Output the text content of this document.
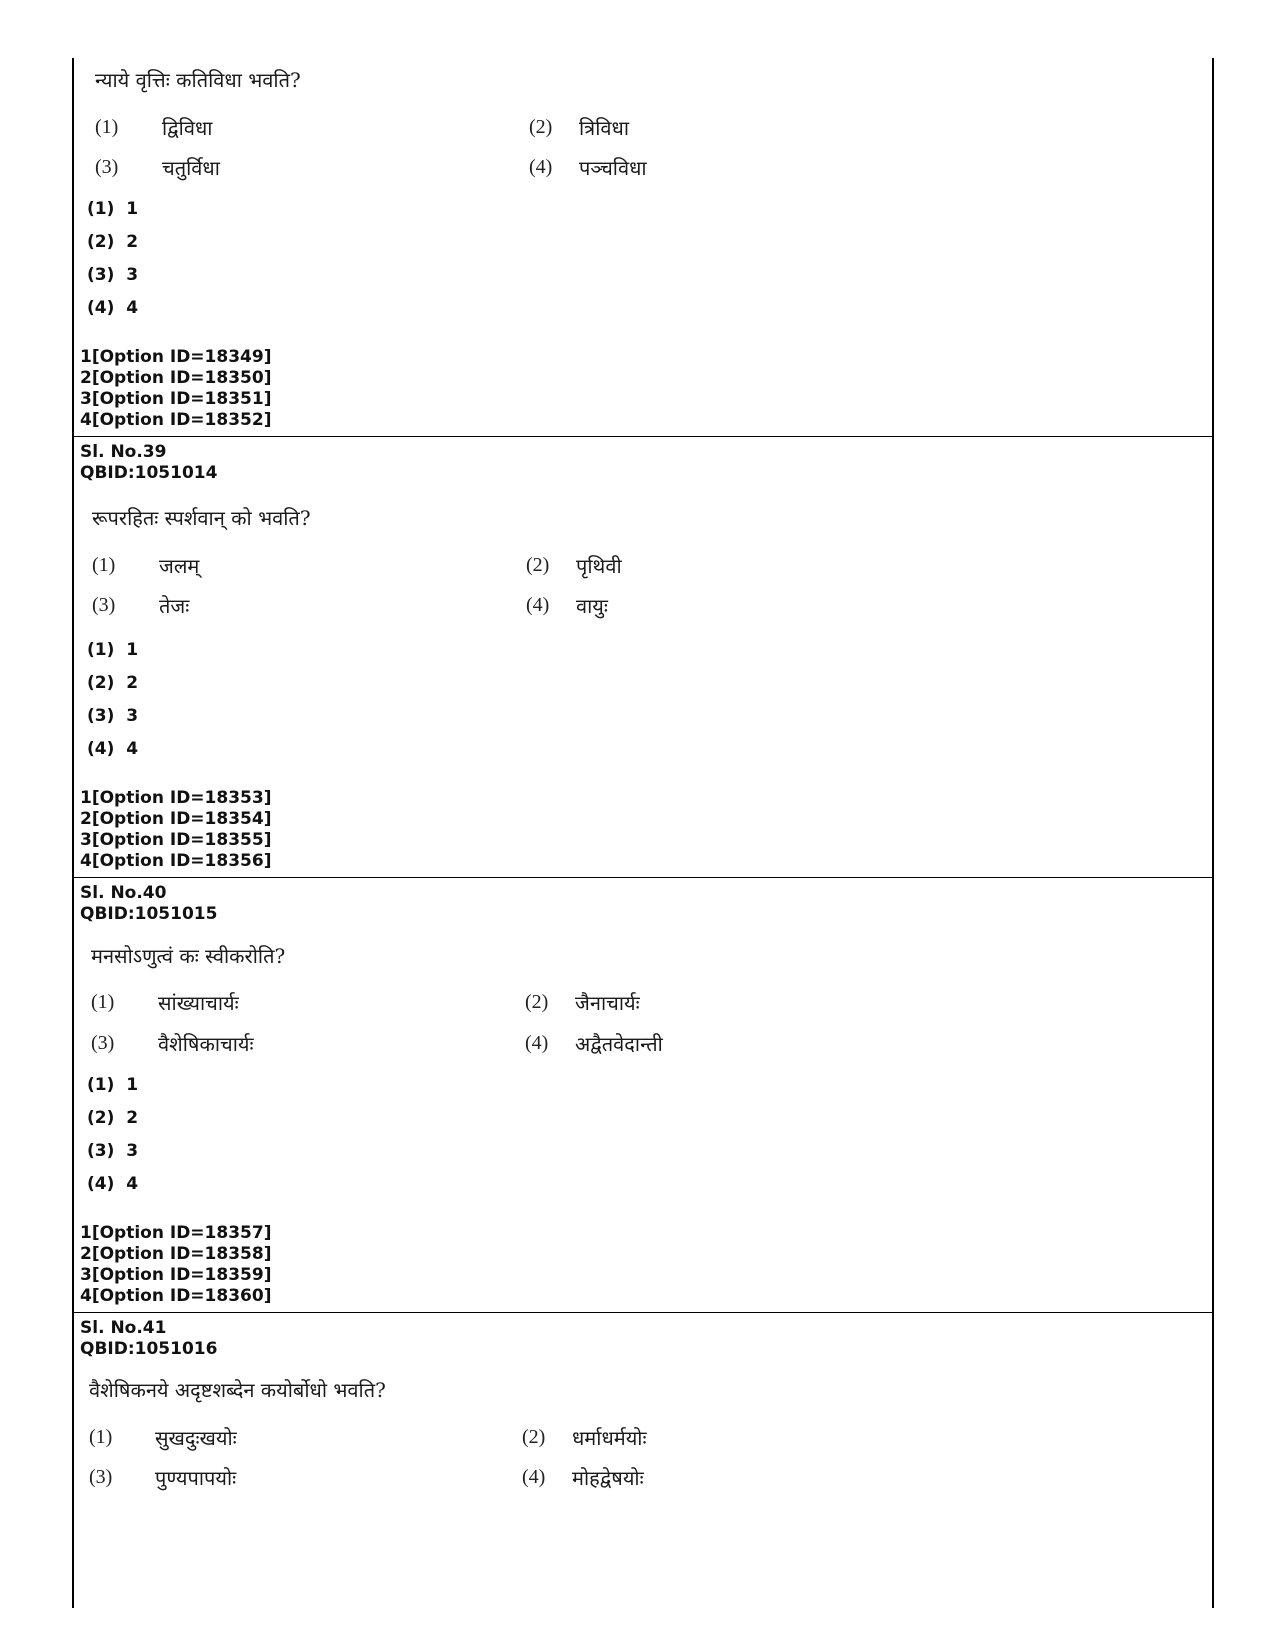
न्याये वृत्तिः कतिविधा भवति?
(1) द्विविधा	(2) त्रिविधा
(3) चतुर्विधा	(4) पञ्चविधा
(1)  1
(2)  2
(3)  3
(4)  4
1[Option ID=18349]
2[Option ID=18350]
3[Option ID=18351]
4[Option ID=18352]
Sl. No.39
QBID:1051014
रूपरहितः स्पर्शवान् को भवति?
(1) जलम्	(2) पृथिवी
(3) तेजः	(4) वायुः
(1)  1
(2)  2
(3)  3
(4)  4
1[Option ID=18353]
2[Option ID=18354]
3[Option ID=18355]
4[Option ID=18356]
Sl. No.40
QBID:1051015
मनसोऽणुत्वं कः स्वीकरोति?
(1) सांख्याचार्यः	(2) जैनाचार्यः
(3) वैशेषिकाचार्यः	(4) अद्वैतवेदान्ती
(1)  1
(2)  2
(3)  3
(4)  4
1[Option ID=18357]
2[Option ID=18358]
3[Option ID=18359]
4[Option ID=18360]
Sl. No.41
QBID:1051016
वैशेषिकनये अदृष्टशब्देन कयोर्बोधो भवति?
(1) सुखदुःखयोः	(2) धर्माधर्मयोः
(3) पुण्यपापयोः	(4) मोहद्वेषयोः
